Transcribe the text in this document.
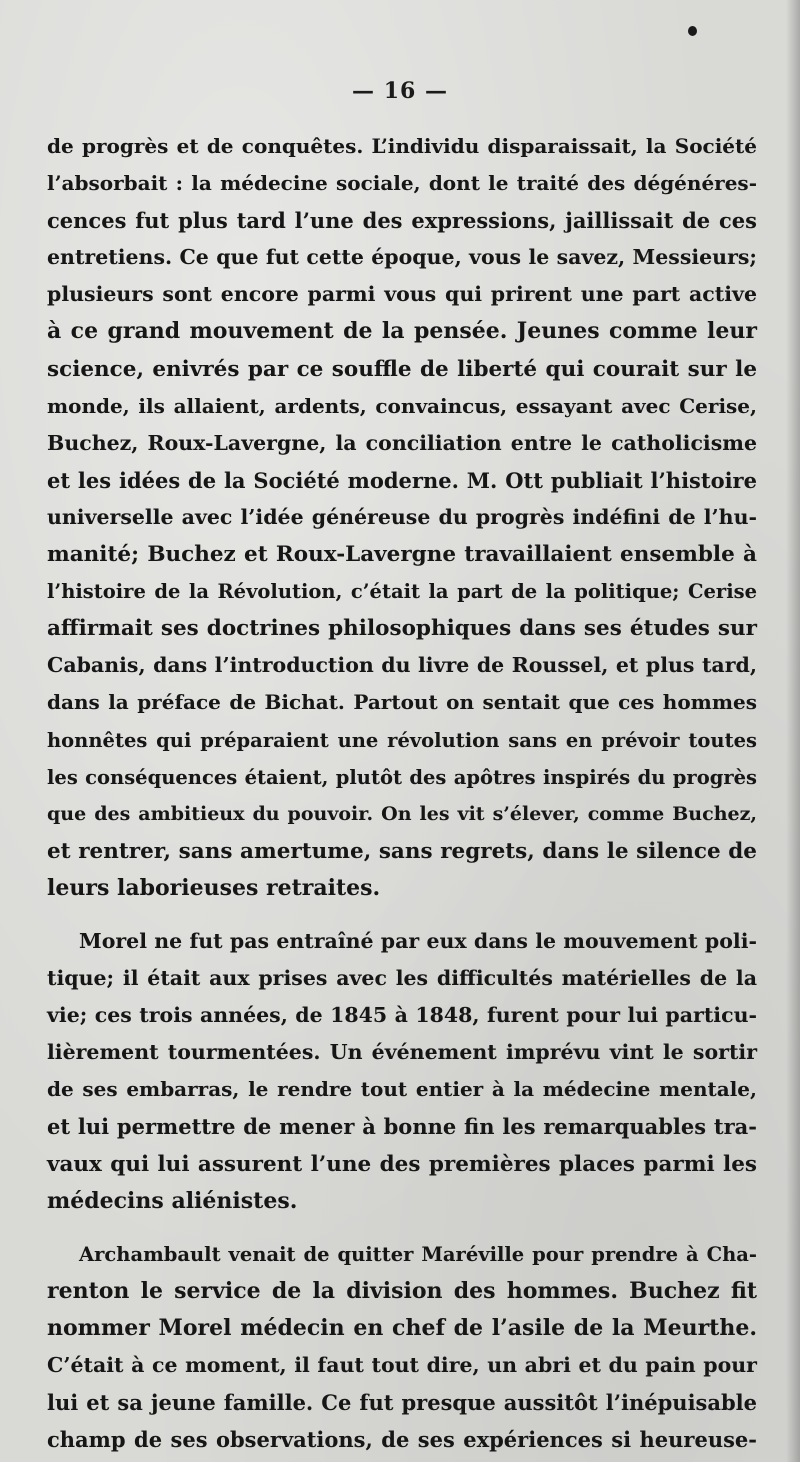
— 16 —
de progrès et de conquêtes. L’individu disparaissait, la Société
l’absorbait : la médecine sociale, dont le traité des dégénéres-
cences fut plus tard l’une des expressions, jaillissait de ces
entretiens. Ce que fut cette époque, vous le savez, Messieurs;
plusieurs sont encore parmi vous qui prirent une part active
à ce grand mouvement de la pensée. Jeunes comme leur
science, enivrés par ce souffle de liberté qui courait sur le
monde, ils allaient, ardents, convaincus, essayant avec Cerise,
Buchez, Roux-Lavergne, la conciliation entre le catholicisme
et les idées de la Société moderne. M. Ott publiait l’histoire
universelle avec l’idée généreuse du progrès indéfini de l’hu-
manité; Buchez et Roux-Lavergne travaillaient ensemble à
l’histoire de la Révolution, c’était la part de la politique; Cerise
affirmait ses doctrines philosophiques dans ses études sur
Cabanis, dans l’introduction du livre de Roussel, et plus tard,
dans la préface de Bichat. Partout on sentait que ces hommes
honnêtes qui préparaient une révolution sans en prévoir toutes
les conséquences étaient, plutôt des apôtres inspirés du progrès
que des ambitieux du pouvoir. On les vit s’élever, comme Buchez,
et rentrer, sans amertume, sans regrets, dans le silence de
leurs laborieuses retraites.
Morel ne fut pas entraîné par eux dans le mouvement poli-
tique; il était aux prises avec les difficultés matérielles de la
vie; ces trois années, de 1845 à 1848, furent pour lui particu-
lièrement tourmentées. Un événement imprévu vint le sortir
de ses embarras, le rendre tout entier à la médecine mentale,
et lui permettre de mener à bonne fin les remarquables tra-
vaux qui lui assurent l’une des premières places parmi les
médecins aliénistes.
Archambault venait de quitter Maréville pour prendre à Cha-
renton le service de la division des hommes. Buchez fit
nommer Morel médecin en chef de l’asile de la Meurthe.
C’était à ce moment, il faut tout dire, un abri et du pain pour
lui et sa jeune famille. Ce fut presque aussitôt l’inépuisable
champ de ses observations, de ses expériences si heureuse-
